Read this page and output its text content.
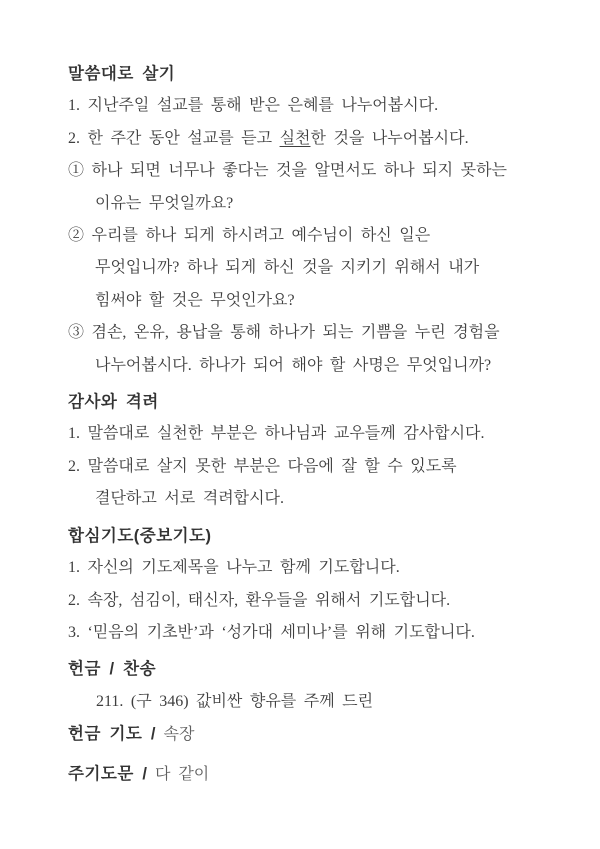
말씀대로 살기
1. 지난주일 설교를 통해 받은 은혜를 나누어봅시다.
2. 한 주간 동안 설교를 듣고 실천한 것을 나누어봅시다.
① 하나 되면 너무나 좋다는 것을 알면서도 하나 되지 못하는
이유는 무엇일까요?
② 우리를 하나 되게 하시려고 예수님이 하신 일은
무엇입니까? 하나 되게 하신 것을 지키기 위해서 내가
힘써야 할 것은 무엇인가요?
③ 겸손, 온유, 용납을 통해 하나가 되는 기쁨을 누린 경험을
나누어봅시다. 하나가 되어 해야 할 사명은 무엇입니까?
감사와 격려
1. 말씀대로 실천한 부분은 하나님과 교우들께 감사합시다.
2. 말씀대로 살지 못한 부분은 다음에 잘 할 수 있도록
결단하고 서로 격려합시다.
합심기도(중보기도)
1. 자신의 기도제목을 나누고 함께 기도합니다.
2. 속장, 섬김이, 태신자, 환우들을 위해서 기도합니다.
3. ‘믿음의 기초반’과 ‘성가대 세미나’를 위해 기도합니다.
헌금 / 찬송
211. (구 346) 값비싼 향유를 주께 드린
헌금 기도 / 속장
주기도문 / 다 같이
